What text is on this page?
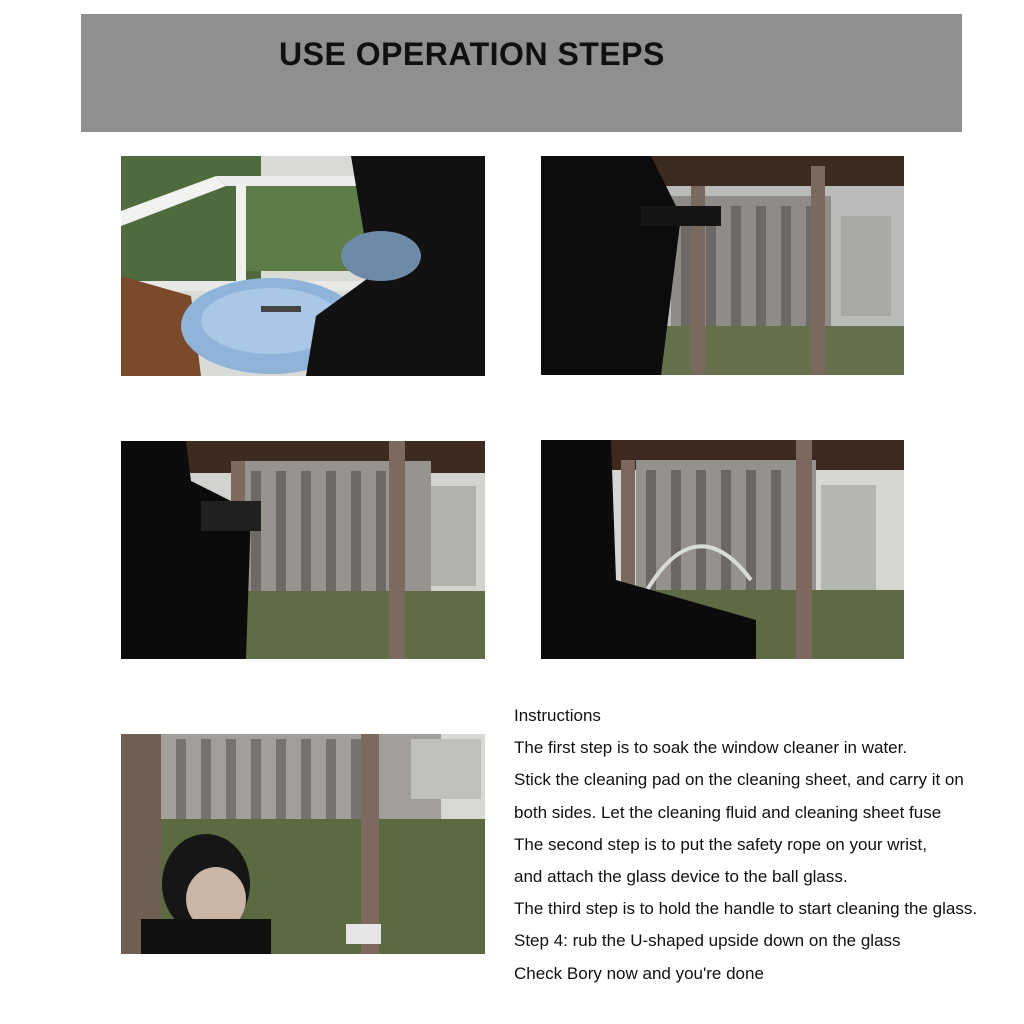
USE OPERATION STEPS
Instructions
The first step is to soak the window cleaner in water.
Stick the cleaning pad on the cleaning sheet, and carry it on
both sides. Let the cleaning fluid and cleaning sheet fuse
The second step is to put the safety rope on your wrist,
and attach the glass device to the ball glass.
The third step is to hold the handle to start cleaning the glass.
Step 4: rub the U-shaped upside down on the glass
Check Bory now and you're done
